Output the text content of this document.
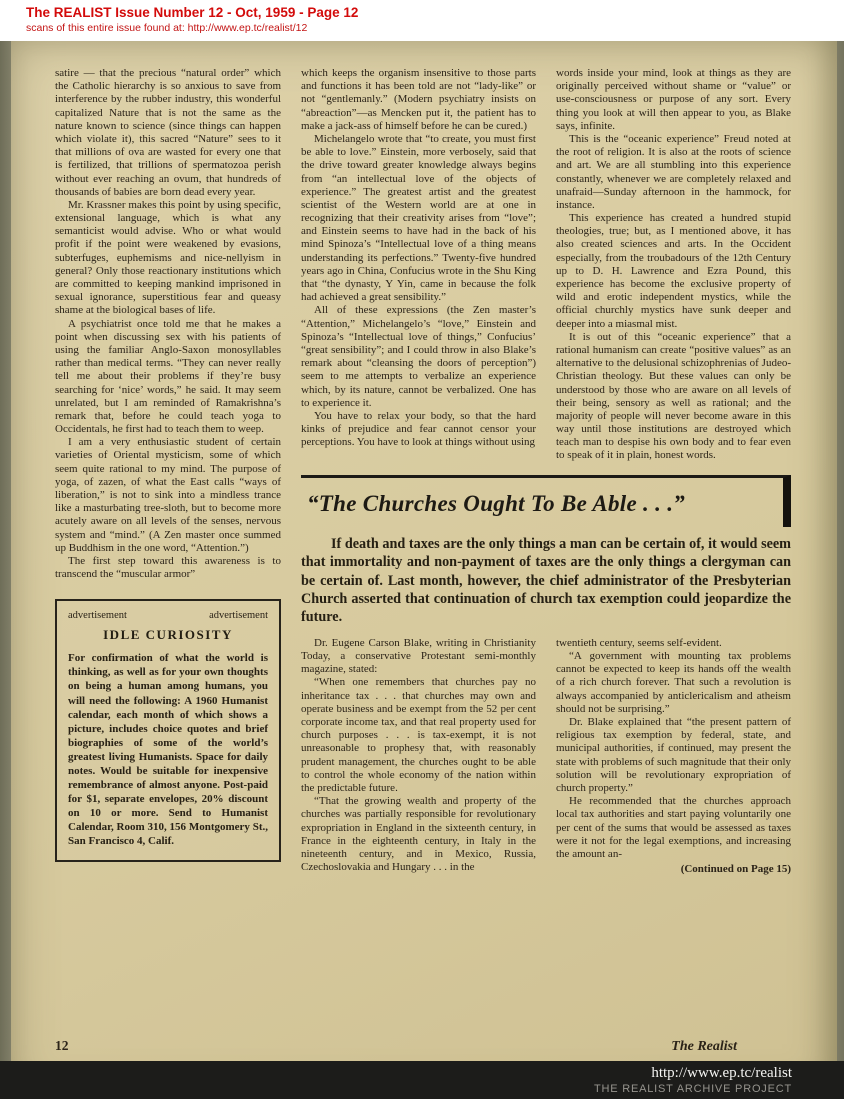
The REALIST Issue Number 12 - Oct, 1959 - Page 12
scans of this entire issue found at: http://www.ep.tc/realist/12

satire — that the precious “natural order” which the Catholic hierarchy is so anxious to save from interference by the rubber industry, this wonderful capitalized Nature that is not the same as the nature known to science (since things can happen which violate it), this sacred “Nature” sees to it that millions of ova are wasted for every one that is fertilized, that trillions of spermatozoa perish without ever reaching an ovum, that hundreds of thousands of babies are born dead every year.

Mr. Krassner makes this point by using specific, extensional language, which is what any semanticist would advise. Who or what would profit if the point were weakened by evasions, subterfuges, euphemisms and nice-nellyism in general? Only those reactionary institutions which are committed to keeping mankind imprisoned in sexual ignorance, superstitious fear and queasy shame at the biological bases of life.

A psychiatrist once told me that he makes a point when discussing sex with his patients of using the familiar Anglo-Saxon monosyllables rather than medical terms. “They can never really tell me about their problems if they’re busy searching for ‘nice’ words,” he said. It may seem unrelated, but I am reminded of Ramakrishna’s remark that, before he could teach yoga to Occidentals, he first had to teach them to weep.

I am a very enthusiastic student of certain varieties of Oriental mysticism, some of which seem quite rational to my mind. The purpose of yoga, of zazen, of what the East calls “ways of liberation,” is not to sink into a mindless trance like a masturbating tree-sloth, but to become more acutely aware on all levels of the senses, nervous system and “mind.” (A Zen master once summed up Buddhism in the one word, “Attention.”)

The first step toward this awareness is to transcend the “muscular armor”

advertisement	advertisement
IDLE CURIOSITY

For confirmation of what the world is thinking, as well as for your own thoughts on being a human among humans, you will need the following: A 1960 Humanist calendar, each month of which shows a picture, includes choice quotes and brief biographies of some of the world’s greatest living Humanists. Space for daily notes. Would be suitable for inexpensive remembrance of almost anyone. Post-paid for $1, separate envelopes, 20% discount on 10 or more. Send to Humanist Calendar, Room 310, 156 Montgomery St., San Francisco 4, Calif.

which keeps the organism insensitive to those parts and functions it has been told are not “lady-like” or not “gentlemanly.” (Modern psychiatry insists on “abreaction”—as Mencken put it, the patient has to make a jack-ass of himself before he can be cured.)

Michelangelo wrote that “to create, you must first be able to love.” Einstein, more verbosely, said that the drive toward greater knowledge always begins from “an intellectual love of the objects of experience.” The greatest artist and the greatest scientist of the Western world are at one in recognizing that their creativity arises from “love”; and Einstein seems to have had in the back of his mind Spinoza’s “Intellectual love of a thing means understanding its perfections.” Twenty-five hundred years ago in China, Confucius wrote in the Shu King that “the dynasty, Y Yin, came in because the folk had achieved a great sensibility.”

All of these expressions (the Zen master’s “Attention,” Michelangelo’s “love,” Einstein and Spinoza’s “Intellectual love of things,” Confucius’ “great sensibility”; and I could throw in also Blake’s remark about “cleansing the doors of perception”) seem to me attempts to verbalize an experience which, by its nature, cannot be verbalized. One has to experience it.

You have to relax your body, so that the hard kinks of prejudice and fear cannot censor your perceptions. You have to look at things without using

words inside your mind, look at things as they are originally perceived without shame or “value” or use-consciousness or purpose of any sort. Every thing you look at will then appear to you, as Blake says, infinite.

This is the “oceanic experience” Freud noted at the root of religion. It is also at the roots of science and art. We are all stumbling into this experience constantly, whenever we are completely relaxed and unafraid—Sunday afternoon in the hammock, for instance.

This experience has created a hundred stupid theologies, true; but, as I mentioned above, it has also created sciences and arts. In the Occident especially, from the troubadours of the 12th Century up to D. H. Lawrence and Ezra Pound, this experience has become the exclusive property of wild and erotic independent mystics, while the official churchly mystics have sunk deeper and deeper into a miasmal mist.

It is out of this “oceanic experience” that a rational humanism can create “positive values” as an alternative to the delusional schizophrenias of Judeo-Christian theology. But these values can only be understood by those who are aware on all levels of their being, sensory as well as rational; and the majority of people will never become aware in this way until those institutions are destroyed which teach man to despise his own body and to fear even to speak of it in plain, honest words.

“The Churches Ought To Be Able . . .”

If death and taxes are the only things a man can be certain of, it would seem that immortality and non-payment of taxes are the only things a clergyman can be certain of. Last month, however, the chief administrator of the Presbyterian Church asserted that continuation of church tax exemption could jeopardize the future.

Dr. Eugene Carson Blake, writing in Christianity Today, a conservative Protestant semi-monthly magazine, stated:

“When one remembers that churches pay no inheritance tax . . . that churches may own and operate business and be exempt from the 52 per cent corporate income tax, and that real property used for church purposes . . . is tax-exempt, it is not unreasonable to prophesy that, with reasonably prudent management, the churches ought to be able to control the whole economy of the nation within the predictable future.

“That the growing wealth and property of the churches was partially responsible for revolutionary expropriation in England in the sixteenth century, in France in the eighteenth century, in Italy in the nineteenth century, and in Mexico, Russia, Czechoslovakia and Hungary . . . in the

twentieth century, seems self-evident.

“A government with mounting tax problems cannot be expected to keep its hands off the wealth of a rich church forever. That such a revolution is always accompanied by anticlericalism and atheism should not be surprising.”

Dr. Blake explained that “the present pattern of religious tax exemption by federal, state, and municipal authorities, if continued, may present the state with problems of such magnitude that their only solution will be revolutionary expropriation of church property.”

He recommended that the churches approach local tax authorities and start paying voluntarily one per cent of the sums that would be assessed as taxes were it not for the legal exemptions, and increasing the amount an-

(Continued on Page 15)

12	The Realist
http://www.ep.tc/realist
THE REALIST ARCHIVE PROJECT
